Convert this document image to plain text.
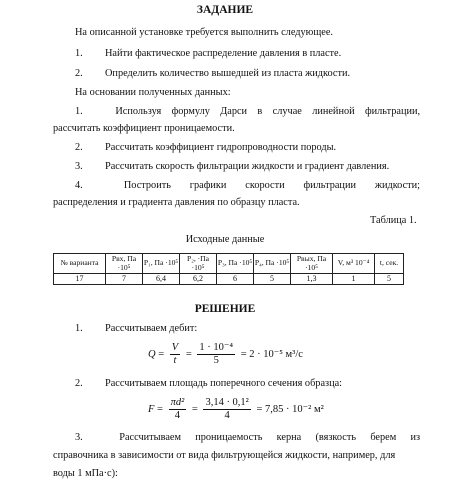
ЗАДАНИЕ
На описанной установке требуется выполнить следующее.
1. Найти фактическое распределение давления в пласте.
2. Определить количество вышедшей из пласта жидкости.
На основании полученных данных:
1.	Используя формулу Дарси в случае линейной фильтрации,
рассчитать коэффициент проницаемости.
2. Рассчитать коэффициент гидропроводности породы.
3. Рассчитать скорость фильтрации жидкости и градиент давления.
4.	Построить графики скорости фильтрации жидкости;
распределения и градиента давления по образцу пласта.
Таблица 1.
Исходные данные
№ варианта	Pвх, Па ·10⁵	P₁, Па ·10⁵	P₂, ·Па ·10⁵	P₃, Па ·10⁵	P₄, Па ·10⁵	Pвых, Па ·10⁵	V, м³ 10⁻⁴	t, сек.
17	7	6,4	6,2	6	5	1,3	1	5
РЕШЕНИЕ
1. Рассчитываем дебит:
$Q = \frac{V}{t} = \frac{\text{1 · 10⁻⁴}}{5} = 2 \cdot 10^{-5}$ м³/с
2. Рассчитываем площадь поперечного сечения образца:
$F = \frac{\text{πd²}}{4} = \frac{\text{3,14 · 0,1²}}{4} = 7,85 \cdot 10^{-2}$ м²
3.	Рассчитываем проницаемость керна (вязкость берем из
справочника в зависимости от вида фильтрующейся жидкости, например, для
воды 1 мПа·с):
